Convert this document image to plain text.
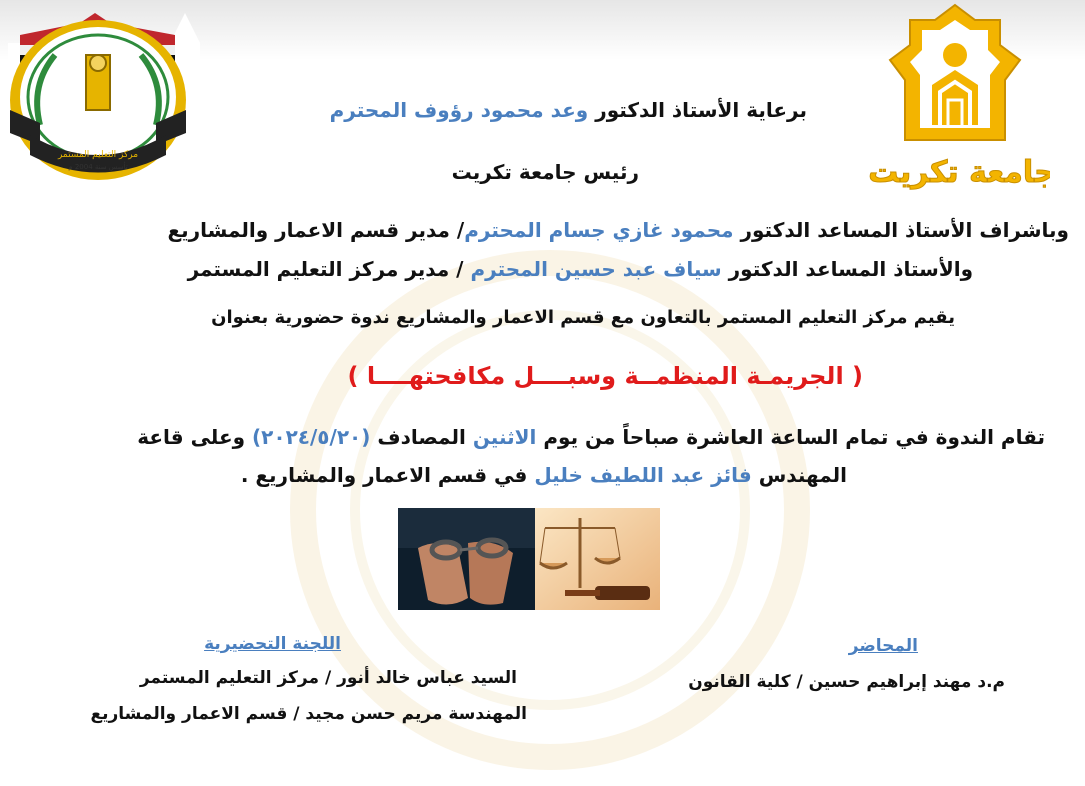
مركز التعليم المستمر
تأسس سنة 2004 م	جامعة تكريت
برعاية الأستاذ الدكتور وعد محمود رؤوف المحترم
رئيس جامعة تكريت
وباشراف الأستاذ المساعد الدكتور محمود غازي جسام المحترم/ مدير قسم الاعمار والمشاريع
والأستاذ المساعد الدكتور سياف عبد حسين المحترم / مدير مركز التعليم المستمر
يقيم مركز التعليم المستمر بالتعاون مع قسم الاعمار والمشاريع ندوة حضورية بعنوان
( الجريمـة المنظمــة وسبــــل مكافحتهــــا )
تقام الندوة في تمام الساعة العاشرة صباحاً من يوم الاثنين المصادف (٢٠٢٤/٥/٢٠) وعلى قاعة
المهندس فائز عبد اللطيف خليل في قسم الاعمار والمشاريع .
المحاضر
م.د مهند إبراهيم حسين / كلية القانون
اللجنة التحضيرية
السيد عباس خالد أنور / مركز التعليم المستمر
المهندسة مريم حسن مجيد / قسم الاعمار والمشاريع
